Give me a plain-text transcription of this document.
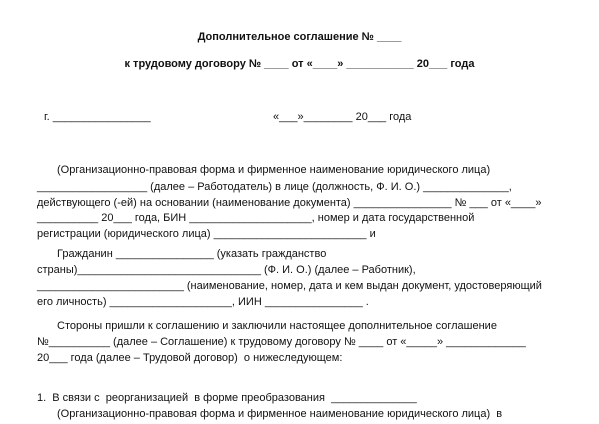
Дополнительное соглашение № ____
к трудовому договору № ____ от «____» ___________ 20___ года
г. ________________	«___»________ 20___ года
(Организационно-правовая форма и фирменное наименование юридического лица)
__________________ (далее – Работодатель) в лице (должность, Ф. И. О.) ______________,
действующего (-ей) на основании (наименование документа) ________________ № ___ от «____»
__________ 20___ года, БИН ____________________, номер и дата государственной
регистрации (юридического лица) _________________________ и
Гражданин ________________ (указать гражданство
страны)______________________________ (Ф. И. О.) (далее – Работник),
________________________ (наименование, номер, дата и кем выдан документ, удостоверяющий
его личность) ____________________, ИИН ________________ .
Стороны пришли к соглашению и заключили настоящее дополнительное соглашение
№__________ (далее – Соглашение) к трудовому договору № ____ от «_____» _____________
20___ года (далее – Трудовой договор)  о нижеследующем:
1.  В связи с  реорганизацией  в форме преобразования  ______________
(Организационно-правовая форма и фирменное наименование юридического лица)  в
